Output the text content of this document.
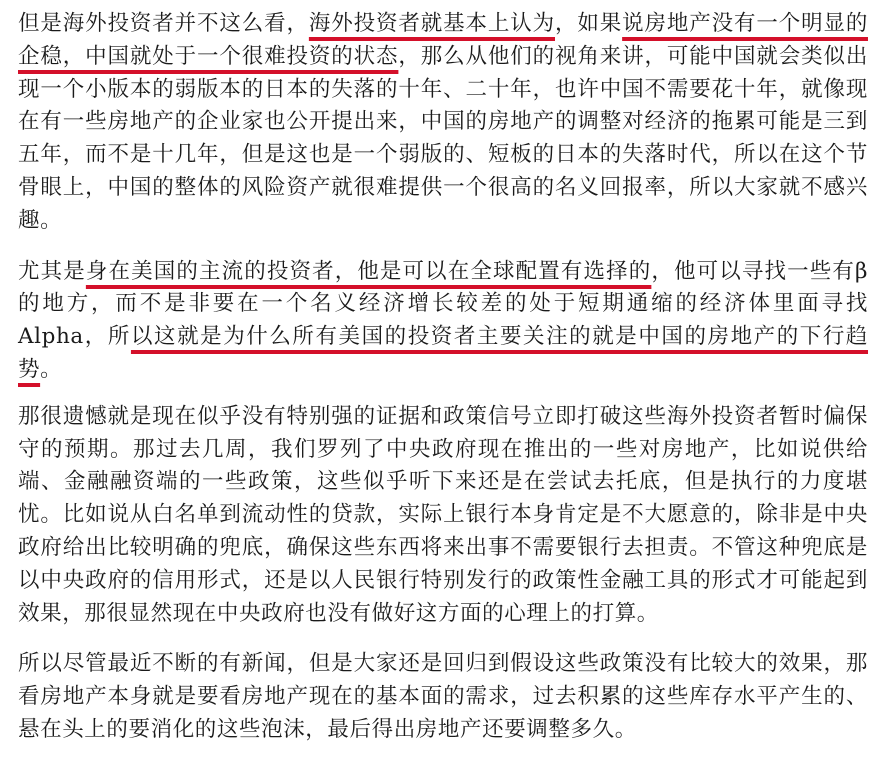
但是海外投资者并不这么看，海外投资者就基本上认为，如果说房地产没有一个明显的企稳，中国就处于一个很难投资的状态，那么从他们的视角来讲，可能中国就会类似出现一个小版本的弱版本的日本的失落的十年、二十年，也许中国不需要花十年，就像现在有一些房地产的企业家也公开提出来，中国的房地产的调整对经济的拖累可能是三到五年，而不是十几年，但是这也是一个弱版的、短板的日本的失落时代，所以在这个节骨眼上，中国的整体的风险资产就很难提供一个很高的名义回报率，所以大家就不感兴趣。

尤其是身在美国的主流的投资者，他是可以在全球配置有选择的，他可以寻找一些有β的地方，而不是非要在一个名义经济增长较差的处于短期通缩的经济体里面寻找Alpha，所以这就是为什么所有美国的投资者主要关注的就是中国的房地产的下行趋势。

那很遗憾就是现在似乎没有特别强的证据和政策信号立即打破这些海外投资者暂时偏保守的预期。那过去几周，我们罗列了中央政府现在推出的一些对房地产，比如说供给端、金融融资端的一些政策，这些似乎听下来还是在尝试去托底，但是执行的力度堪忧。比如说从白名单到流动性的贷款，实际上银行本身肯定是不大愿意的，除非是中央政府给出比较明确的兜底，确保这些东西将来出事不需要银行去担责。不管这种兜底是以中央政府的信用形式，还是以人民银行特别发行的政策性金融工具的形式才可能起到效果，那很显然现在中央政府也没有做好这方面的心理上的打算。

所以尽管最近不断的有新闻，但是大家还是回归到假设这些政策没有比较大的效果，那看房地产本身就是要看房地产现在的基本面的需求，过去积累的这些库存水平产生的、悬在头上的要消化的这些泡沫，最后得出房地产还要调整多久。
